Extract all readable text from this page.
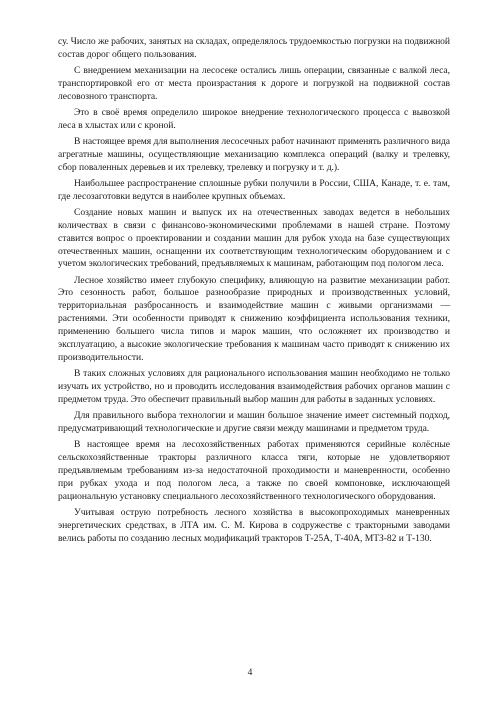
су. Число же рабочих, занятых на складах, определялось трудоемкостью погрузки на подвижной состав дорог общего пользования.

С внедрением механизации на лесосеке остались лишь операции, связанные с валкой леса, транспортировкой его от места произрастания к дороге и погрузкой на подвижной состав лесовозного транспорта.

Это в своё время определило широкое внедрение технологического процесса с вывозкой леса в хлыстах или с кроной.

В настоящее время для выполнения лесосечных работ начинают применять различного вида агрегатные машины, осуществляющие механизацию комплекса операций (валку и трелевку, сбор поваленных деревьев и их трелевку, трелевку и погрузку и т. д.).

Наибольшее распространение сплошные рубки получили в России, США, Канаде, т. е. там, где лесозаготовки ведутся в наиболее крупных объемах.

Создание новых машин и выпуск их на отечественных заводах ведется в небольших количествах в связи с финансово-экономическими проблемами в нашей стране. Поэтому ставится вопрос о проектировании и создании машин для рубок ухода на базе существующих отечественных машин, оснащенни их соответствующим технологическим оборудованием и с учетом экологических требований, предъявляемых к машинам, работающим под пологом леса.

Лесное хозяйство имеет глубокую специфику, влияющую на развитие механизации работ. Это сезонность работ, большое разнообразие природных и производственных условий, территориальная разбросанность и взаимодействие машин с живыми организмами — растениями. Эти особенности приводят к снижению коэффициента использования техники, применению большего числа типов и марок машин, что осложняет их производство и эксплуатацию, а высокие экологические требования к машинам часто приводят к снижению их производительности.

В таких сложных условиях для рационального использования машин необходимо не только изучать их устройство, но и проводить исследования взаимодействия рабочих органов машин с предметом труда. Это обеспечит правильный выбор машин для работы в заданных условиях.

Для правильного выбора технологии и машин большое значение имеет системный подход, предусматривающий технологические и другие связи между машинами и предметом труда.

В настоящее время на лесохозяйственных работах применяются серийные колёсные сельскохозяйственные тракторы различного класса тяги, которые не удовлетворяют предъявляемым требованиям из-за недостаточной проходимости и маневренности, особенно при рубках ухода и под пологом леса, а также по своей компоновке, исключающей рациональную установку специального лесохозяйственного технологического оборудования.

Учитывая острую потребность лесного хозяйства в высокопроходимых маневренных энергетических средствах, в ЛТА им. С. М. Кирова в содружестве с тракторными заводами велись работы по созданию лесных модификаций тракторов Т-25А, Т-40А, МТЗ-82 и Т-130.

4
